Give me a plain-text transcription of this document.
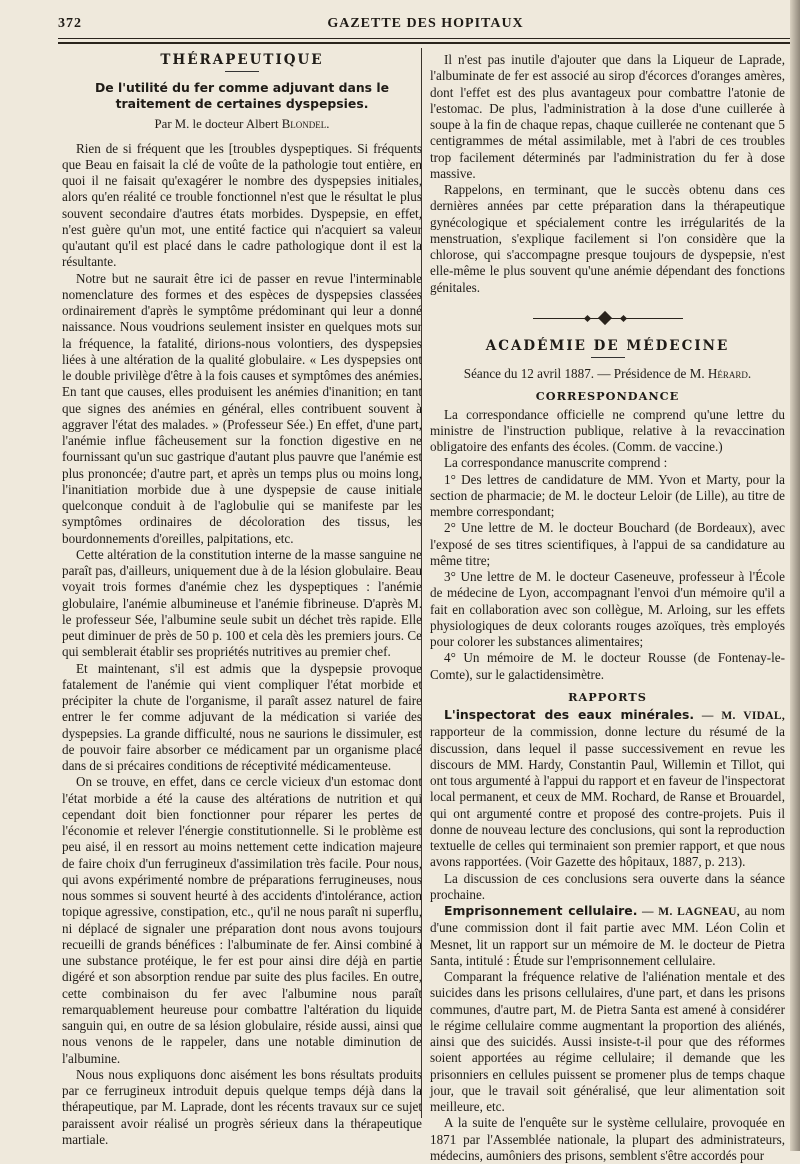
372	GAZETTE DES HOPITAUX
THÉRAPEUTIQUE
De l'utilité du fer comme adjuvant dans le traitement de certaines dyspepsies.
Par M. le docteur Albert Blondel.

Rien de si fréquent que les [troubles dyspeptiques. Si fréquents que Beau en faisait la clé de voûte de la pathologie tout entière, en quoi il ne faisait qu'exagérer le nombre des dyspepsies initiales, alors qu'en réalité ce trouble fonctionnel n'est que le résultat le plus souvent secondaire d'autres états morbides. Dyspepsie, en effet, n'est guère qu'un mot, une entité factice qui n'acquiert sa valeur qu'autant qu'il est placé dans le cadre pathologique dont il est la résultante.

Notre but ne saurait être ici de passer en revue l'interminable nomenclature des formes et des espèces de dyspepsies classées ordinairement d'après le symptôme prédominant qui leur a donné naissance. Nous voudrions seulement insister en quelques mots sur la fréquence, la fatalité, dirions-nous volontiers, des dyspepsies liées à une altération de la qualité globulaire. « Les dyspepsies ont le double privilège d'être à la fois causes et symptômes des anémies. En tant que causes, elles produisent les anémies d'inanition; en tant que signes des anémies en général, elles contribuent souvent à aggraver l'état des malades. » (Professeur Sée.) En effet, d'une part, l'anémie influe fâcheusement sur la fonction digestive en ne fournissant qu'un suc gastrique d'autant plus pauvre que l'anémie est plus prononcée; d'autre part, et après un temps plus ou moins long, l'inanitiation morbide due à une dyspepsie de cause initiale quelconque conduit à de l'aglobulie qui se manifeste par les symptômes ordinaires de décoloration des tissus, les bourdonnements d'oreilles, palpitations, etc.

Cette altération de la constitution interne de la masse sanguine ne paraît pas, d'ailleurs, uniquement due à de la lésion globulaire. Beau voyait trois formes d'anémie chez les dyspeptiques : l'anémie globulaire, l'anémie albumineuse et l'anémie fibrineuse. D'après M. le professeur Sée, l'albumine seule subit un déchet très rapide. Elle peut diminuer de près de 50 p. 100 et cela dès les premiers jours. Ce qui semblerait établir ses propriétés nutritives au premier chef.

Et maintenant, s'il est admis que la dyspepsie provoque fatalement de l'anémie qui vient compliquer l'état morbide et précipiter la chute de l'organisme, il paraît assez naturel de faire entrer le fer comme adjuvant de la médication si variée des dyspepsies. La grande difficulté, nous ne saurions le dissimuler, est de pouvoir faire absorber ce médicament par un organisme placé dans de si précaires conditions de réceptivité médicamenteuse.

On se trouve, en effet, dans ce cercle vicieux d'un estomac dont l'état morbide a été la cause des altérations de nutrition et qui cependant doit bien fonctionner pour réparer les pertes de l'économie et relever l'énergie constitutionnelle. Si le problème est peu aisé, il en ressort au moins nettement cette indication majeure de faire choix d'un ferrugineux d'assimilation très facile. Pour nous, qui avons expérimenté nombre de préparations ferrugineuses, nous nous sommes si souvent heurté à des accidents d'intolérance, action topique agressive, constipation, etc., qu'il ne nous paraît ni superflu, ni déplacé de signaler une préparation dont nous avons toujours recueilli de grands bénéfices : l'albuminate de fer. Ainsi combiné à une substance protéique, le fer est pour ainsi dire déjà en partie digéré et son absorption rendue par suite des plus faciles. En outre, cette combinaison du fer avec l'albumine nous paraît remarquablement heureuse pour combattre l'altération du liquide sanguin qui, en outre de sa lésion globulaire, réside aussi, ainsi que nous venons de le rappeler, dans une notable diminution de l'albumine.

Nous nous expliquons donc aisément les bons résultats produits par ce ferrugineux introduit depuis quelque temps déjà dans la thérapeutique, par M. Laprade, dont les récents travaux sur ce sujet paraissent avoir réalisé un progrès sérieux dans la thérapeutique martiale.

Il n'est pas inutile d'ajouter que dans la Liqueur de Laprade, l'albuminate de fer est associé au sirop d'écorces d'oranges amères, dont l'effet est des plus avantageux pour combattre l'atonie de l'estomac. De plus, l'administration à la dose d'une cuillerée à soupe à la fin de chaque repas, chaque cuillerée ne contenant que 5 centigrammes de métal assimilable, met à l'abri de ces troubles trop facilement déterminés par l'administration du fer à dose massive.

Rappelons, en terminant, que le succès obtenu dans ces dernières années par cette préparation dans la thérapeutique gynécologique et spécialement contre les irrégularités de la menstruation, s'explique facilement si l'on considère que la chlorose, qui s'accompagne presque toujours de dyspepsie, n'est elle-même le plus souvent qu'une anémie dépendant des fonctions génitales.

ACADÉMIE DE MÉDECINE
Séance du 12 avril 1887. — Présidence de M. Hérard.
CORRESPONDANCE

La correspondance officielle ne comprend qu'une lettre du ministre de l'instruction publique, relative à la revaccination obligatoire des enfants des écoles. (Comm. de vaccine.)

La correspondance manuscrite comprend :

1° Des lettres de candidature de MM. Yvon et Marty, pour la section de pharmacie; de M. le docteur Leloir (de Lille), au titre de membre correspondant;

2° Une lettre de M. le docteur Bouchard (de Bordeaux), avec l'exposé de ses titres scientifiques, à l'appui de sa candidature au même titre;

3° Une lettre de M. le docteur Caseneuve, professeur à l'École de médecine de Lyon, accompagnant l'envoi d'un mémoire qu'il a fait en collaboration avec son collègue, M. Arloing, sur les effets physiologiques de deux colorants rouges azoïques, très employés pour colorer les substances alimentaires;

4° Un mémoire de M. le docteur Rousse (de Fontenay-le-Comte), sur le galactidensimètre.

RAPPORTS

L'inspectorat des eaux minérales. — M. VIDAL, rapporteur de la commission, donne lecture du résumé de la discussion, dans lequel il passe successivement en revue les discours de MM. Hardy, Constantin Paul, Willemin et Tillot, qui ont tous argumenté à l'appui du rapport et en faveur de l'inspectorat local permanent, et ceux de MM. Rochard, de Ranse et Brouardel, qui ont argumenté contre et proposé des contre-projets. Puis il donne de nouveau lecture des conclusions, qui sont la reproduction textuelle de celles qui terminaient son premier rapport, et que nous avons rapportées. (Voir Gazette des hôpitaux, 1887, p. 213).

La discussion de ces conclusions sera ouverte dans la séance prochaine.

Emprisonnement cellulaire. — M. LAGNEAU, au nom d'une commission dont il fait partie avec MM. Léon Colin et Mesnet, lit un rapport sur un mémoire de M. le docteur de Pietra Santa, intitulé : Étude sur l'emprisonnement cellulaire.

Comparant la fréquence relative de l'aliénation mentale et des suicides dans les prisons cellulaires, d'une part, et dans les prisons communes, d'autre part, M. de Pietra Santa est amené à considérer le régime cellulaire comme augmentant la proportion des aliénés, ainsi que des suicidés. Aussi insiste-t-il pour que des réformes soient apportées au régime cellulaire; il demande que les prisonniers en cellules puissent se promener plus de temps chaque jour, que le travail soit généralisé, que leur alimentation soit meilleure, etc.

A la suite de l'enquête sur le système cellulaire, provoquée en 1871 par l'Assemblée nationale, la plupart des administrateurs, médecins, aumôniers des prisons, semblent s'être accordés pour
